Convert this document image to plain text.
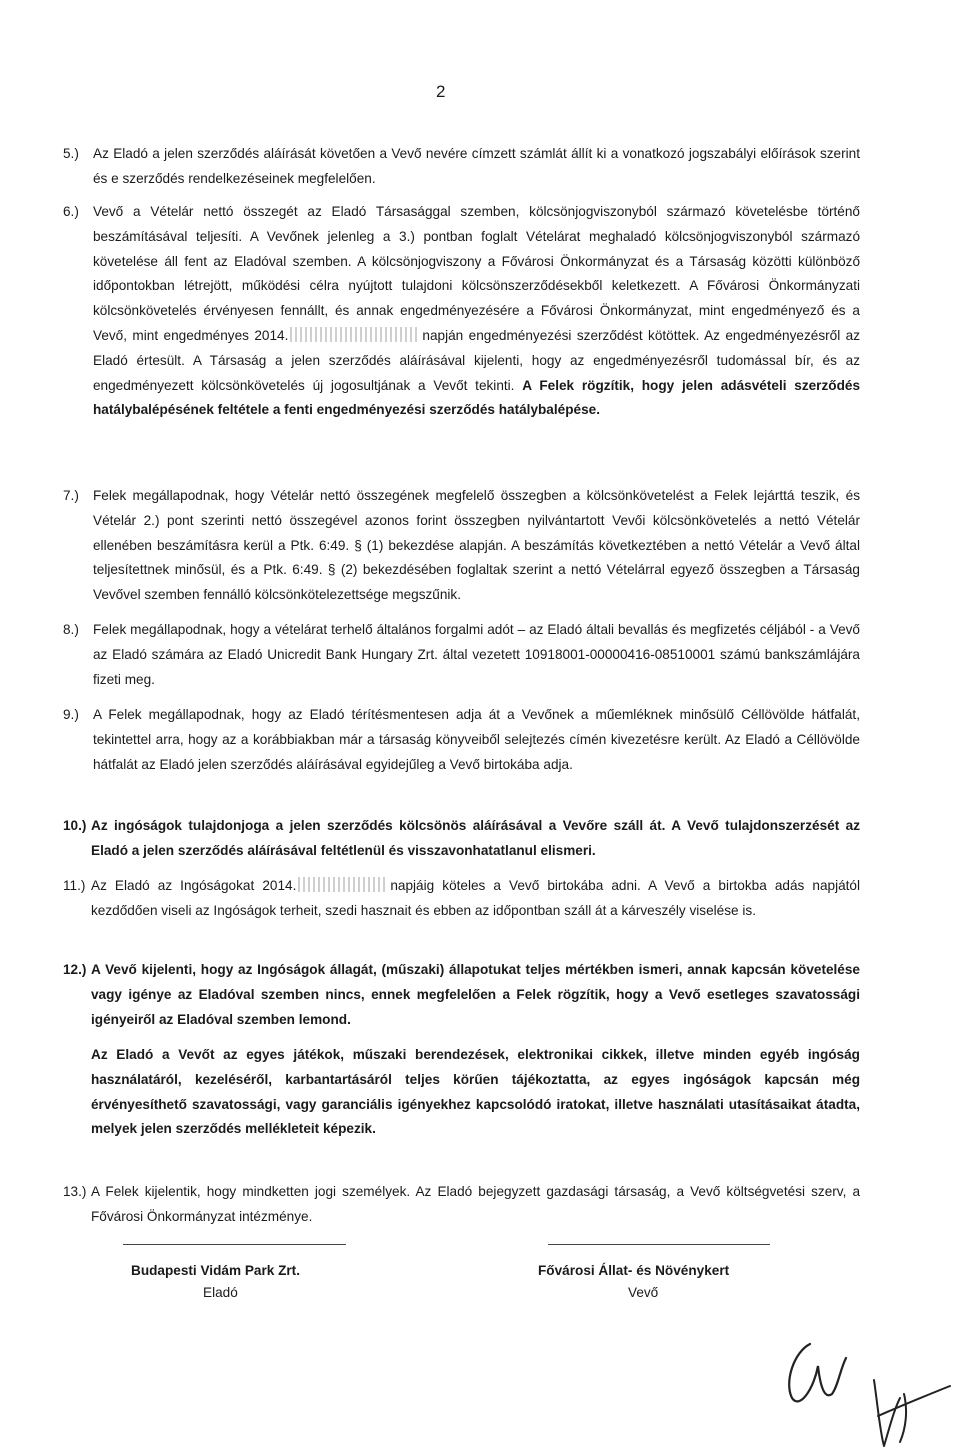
2
5.)	Az Eladó a jelen szerződés aláírását követően a Vevő nevére címzett számlát állít ki a vonatkozó jogszabályi előírások szerint és e szerződés rendelkezéseinek megfelelően.
6.)	Vevő a Vételár nettó összegét az Eladó Társasággal szemben, kölcsönjogviszonyból származó követelésbe történő beszámításával teljesíti. A Vevőnek jelenleg a 3.) pontban foglalt Vételárat meghaladó kölcsönjogviszonyból származó követelése áll fent az Eladóval szemben. A kölcsönjogviszony a Fővárosi Önkormányzat és a Társaság közötti különböző időpontokban létrejött, működési célra nyújtott tulajdoni kölcsönszerződésekből keletkezett. A Fővárosi Önkormányzati kölcsönkövetelés érvényesen fennállt, és annak engedményezésére a Fővárosi Önkormányzat, mint engedményező és a Vevő, mint engedményes 2014.	napján engedményezési szerződést kötöttek. Az engedményezésről az Eladó értesült. A Társaság a jelen szerződés aláírásával kijelenti, hogy az engedményezésről tudomással bír, és az engedményezett kölcsönkövetelés új jogosultjának a Vevőt tekinti. A Felek rögzítik, hogy jelen adásvételi szerződés hatálybalépésének feltétele a fenti engedményezési szerződés hatálybalépése.
7.)	Felek megállapodnak, hogy Vételár nettó összegének megfelelő összegben a kölcsönkövetelést a Felek lejárttá teszik, és Vételár 2.) pont szerinti nettó összegével azonos forint összegben nyilvántartott Vevői kölcsönkövetelés a nettó Vételár ellenében beszámításra kerül a Ptk. 6:49. § (1) bekezdése alapján. A beszámítás következtében a nettó Vételár a Vevő által teljesítettnek minősül, és a Ptk. 6:49. § (2) bekezdésében foglaltak szerint a nettó Vételárral egyező összegben a Társaság Vevővel szemben fennálló kölcsönkötelezettsége megszűnik.
8.)	Felek megállapodnak, hogy a vételárat terhelő általános forgalmi adót – az Eladó általi bevallás és megfizetés céljából - a Vevő az Eladó számára az Eladó Unicredit Bank Hungary Zrt. által vezetett 10918001-00000416-08510001 számú bankszámlájára fizeti meg.
9.)	A Felek megállapodnak, hogy az Eladó térítésmentesen adja át a Vevőnek a műemléknek minősülő Céllövölde hátfalát, tekintettel arra, hogy az a korábbiakban már a társaság könyveiből selejtezés címén kivezetésre került. Az Eladó a Céllövölde hátfalát az Eladó jelen szerződés aláírásával egyidejűleg a Vevő birtokába adja.
10.) Az ingóságok tulajdonjoga a jelen szerződés kölcsönös aláírásával a Vevőre száll át. A Vevő tulajdonszerzését az Eladó a jelen szerződés aláírásával feltétlenül és visszavonhatatlanul elismeri.
11.) Az Eladó az Ingóságokat 2014.	napjáig köteles a Vevő birtokába adni. A Vevő a birtokba adás napjától kezdődően viseli az Ingóságok terheit, szedi hasznait és ebben az időpontban száll át a kárveszély viselése is.
12.) A Vevő kijelenti, hogy az Ingóságok állagát, (műszaki) állapotukat teljes mértékben ismeri, annak kapcsán követelése vagy igénye az Eladóval szemben nincs, ennek megfelelően a Felek rögzítik, hogy a Vevő esetleges szavatossági igényeiről az Eladóval szemben lemond.
Az Eladó a Vevőt az egyes játékok, műszaki berendezések, elektronikai cikkek, illetve minden egyéb ingóság használatáról, kezeléséről, karbantartásáról teljes körűen tájékoztatta, az egyes ingóságok kapcsán még érvényesíthető szavatossági, vagy garanciális igényekhez kapcsolódó iratokat, illetve használati utasításaikat átadta, melyek jelen szerződés mellékleteit képezik.
13.) A Felek kijelentik, hogy mindketten jogi személyek. Az Eladó bejegyzett gazdasági társaság, a Vevő költségvetési szerv, a Fővárosi Önkormányzat intézménye.
Budapesti Vidám Park Zrt.
Eladó
Fővárosi Állat- és Növénykert
Vevő
